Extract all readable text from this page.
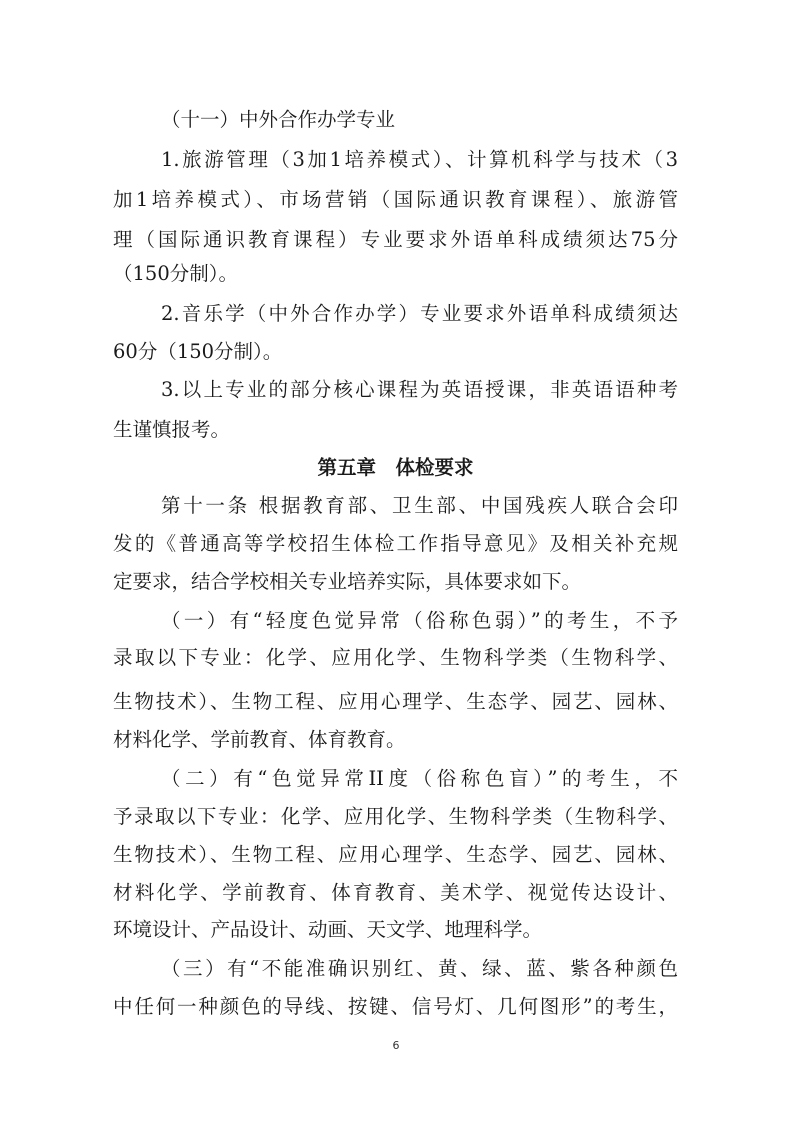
（十一）中外合作办学专业
1.旅游管理（3加1培养模式）、计算机科学与技术（3
加1培养模式）、市场营销（国际通识教育课程）、旅游管
理（国际通识教育课程）专业要求外语单科成绩须达75分
（150分制）。
2.音乐学（中外合作办学）专业要求外语单科成绩须达
60分（150分制）。
3.以上专业的部分核心课程为英语授课，非英语语种考
生谨慎报考。
第五章　体检要求
第十一条 根据教育部、卫生部、中国残疾人联合会印
发的《普通高等学校招生体检工作指导意见》及相关补充规
定要求，结合学校相关专业培养实际，具体要求如下。
（一）有“轻度色觉异常（俗称色弱）”的考生，不予
录取以下专业：化学、应用化学、生物科学类（生物科学、
生物技术）、生物工程、应用心理学、生态学、园艺、园林、
材料化学、学前教育、体育教育。
（二）有“色觉异常II度（俗称色盲）”的考生，不
予录取以下专业：化学、应用化学、生物科学类（生物科学、
生物技术）、生物工程、应用心理学、生态学、园艺、园林、
材料化学、学前教育、体育教育、美术学、视觉传达设计、
环境设计、产品设计、动画、天文学、地理科学。
（三）有“不能准确识别红、黄、绿、蓝、紫各种颜色
中任何一种颜色的导线、按键、信号灯、几何图形”的考生，
6
